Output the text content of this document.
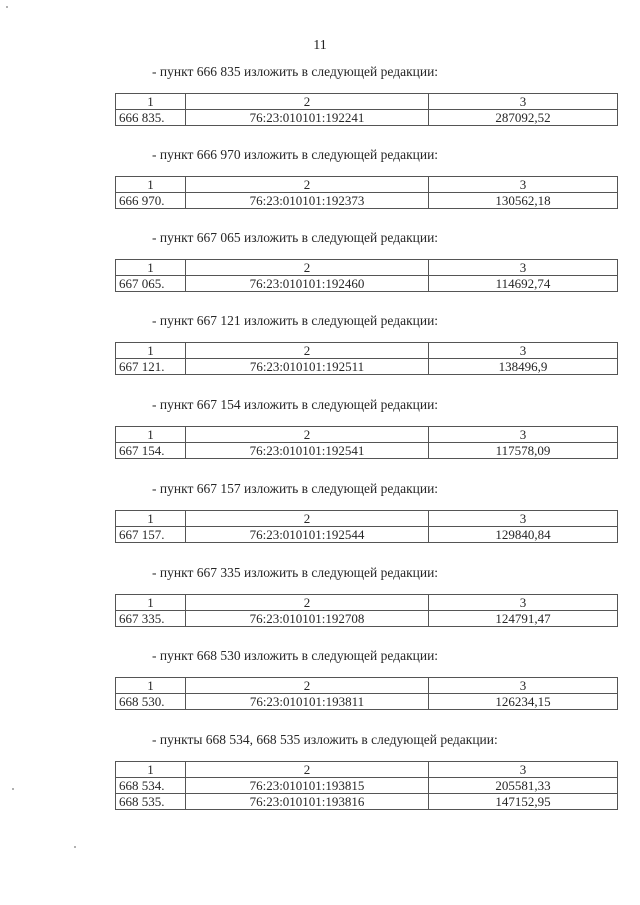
11
- пункт 666 835 изложить в следующей редакции:
1	2	3
666 835.	76:23:010101:192241	287092,52
- пункт 666 970 изложить в следующей редакции:
1	2	3
666 970.	76:23:010101:192373	130562,18
- пункт 667 065 изложить в следующей редакции:
1	2	3
667 065.	76:23:010101:192460	114692,74
- пункт 667 121 изложить в следующей редакции:
1	2	3
667 121.	76:23:010101:192511	138496,9
- пункт 667 154 изложить в следующей редакции:
1	2	3
667 154.	76:23:010101:192541	117578,09
- пункт 667 157 изложить в следующей редакции:
1	2	3
667 157.	76:23:010101:192544	129840,84
- пункт 667 335 изложить в следующей редакции:
1	2	3
667 335.	76:23:010101:192708	124791,47
- пункт 668 530 изложить в следующей редакции:
1	2	3
668 530.	76:23:010101:193811	126234,15
- пункты 668 534, 668 535 изложить в следующей редакции:
1	2	3
668 534.	76:23:010101:193815	205581,33
668 535.	76:23:010101:193816	147152,95
